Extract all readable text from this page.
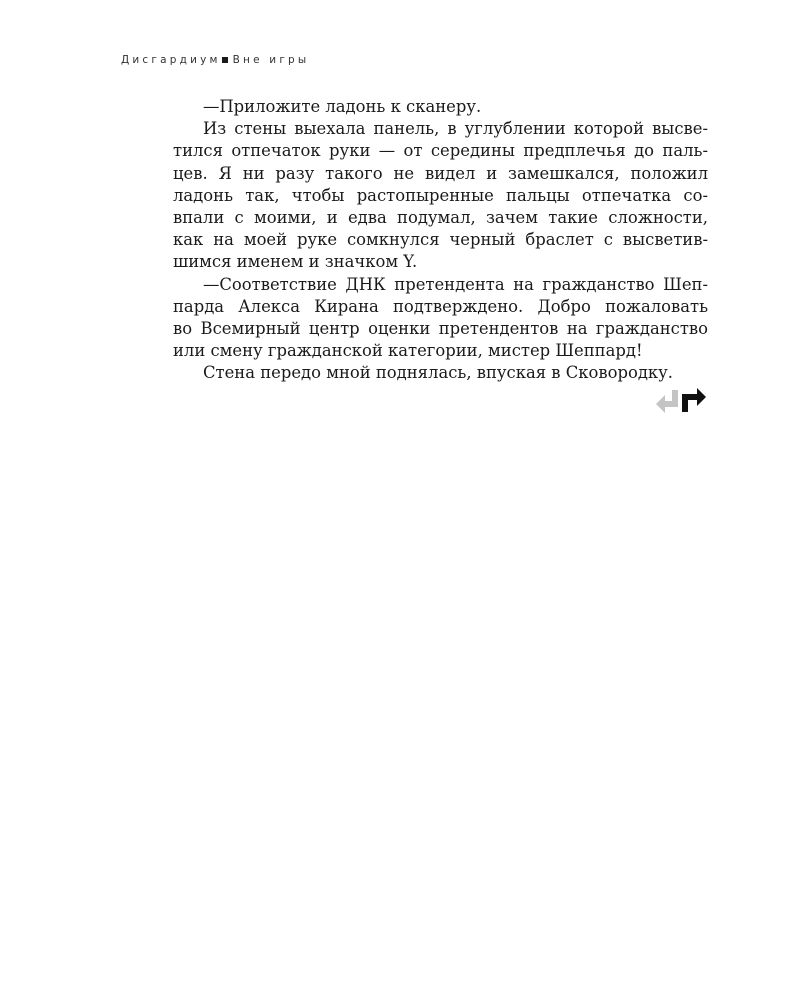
Дисгардиум Вне игры
—Приложите ладонь к сканеру.
Из стены выехала панель, в углублении которой высве-
тился отпечаток руки — от середины предплечья до паль-
цев. Я ни разу такого не видел и замешкался, положил
ладонь так, чтобы растопыренные пальцы отпечатка со-
впали с моими, и едва подумал, зачем такие сложности,
как на моей руке сомкнулся черный браслет с высветив-
шимся именем и значком Y.
—Соответствие ДНК претендента на гражданство Шеп-
парда Алекса Кирана подтверждено. Добро пожаловать
во Всемирный центр оценки претендентов на гражданство
или смену гражданской категории, мистер Шеппард!
Стена передо мной поднялась, впуская в Сковородку.
